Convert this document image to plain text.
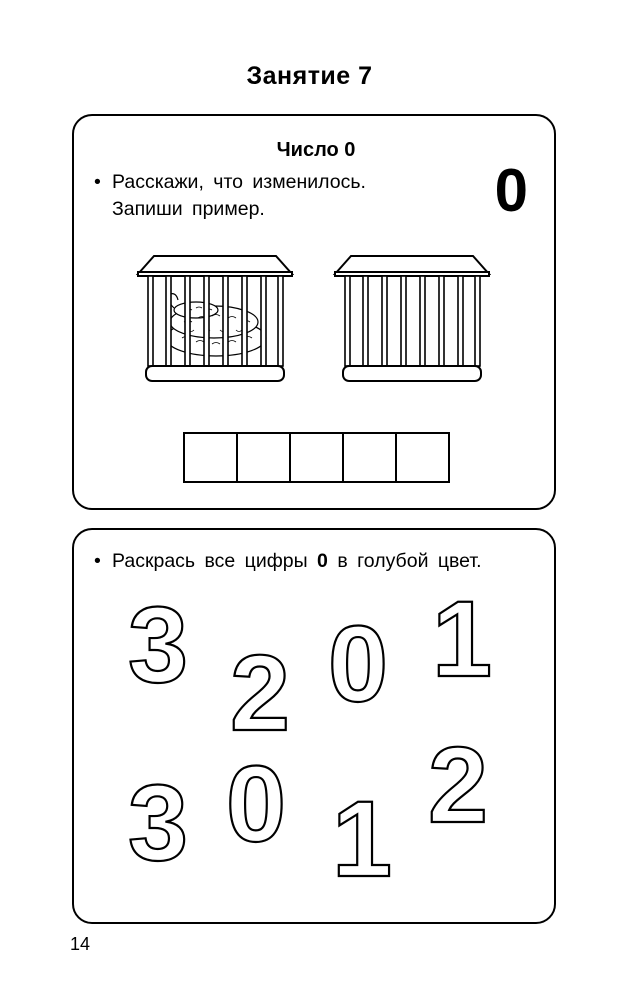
Занятие 7
Число 0
• Расскажи, что изменилось.
Запиши пример.	0
• Раскрась все цифры 0 в голубой цвет.
3 2 0 1
3 0 1 2
14
